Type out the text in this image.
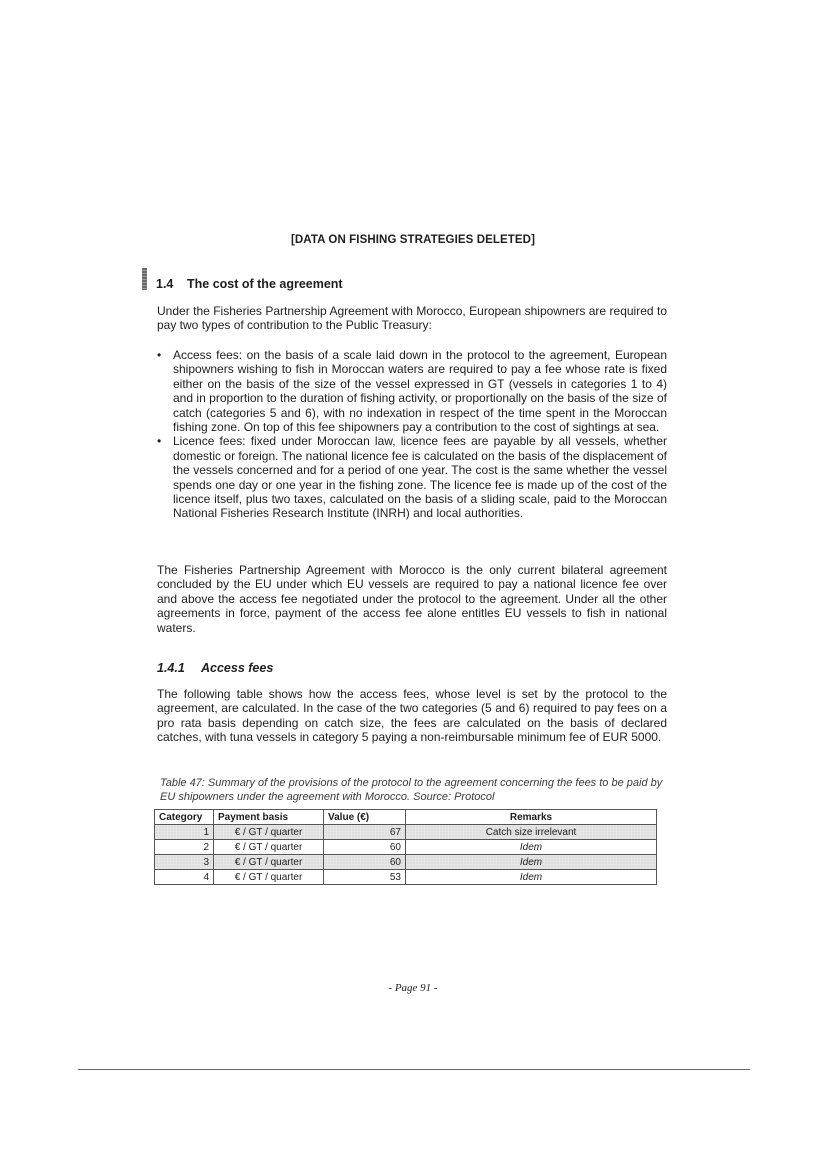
[DATA ON FISHING STRATEGIES DELETED]
1.4 The cost of the agreement

Under the Fisheries Partnership Agreement with Morocco, European shipowners are required to pay two types of contribution to the Public Treasury:

• Access fees: on the basis of a scale laid down in the protocol to the agreement, European shipowners wishing to fish in Moroccan waters are required to pay a fee whose rate is fixed either on the basis of the size of the vessel expressed in GT (vessels in categories 1 to 4) and in proportion to the duration of fishing activity, or proportionally on the basis of the size of catch (categories 5 and 6), with no indexation in respect of the time spent in the Moroccan fishing zone. On top of this fee shipowners pay a contribution to the cost of sightings at sea.
• Licence fees: fixed under Moroccan law, licence fees are payable by all vessels, whether domestic or foreign. The national licence fee is calculated on the basis of the displacement of the vessels concerned and for a period of one year. The cost is the same whether the vessel spends one day or one year in the fishing zone. The licence fee is made up of the cost of the licence itself, plus two taxes, calculated on the basis of a sliding scale, paid to the Moroccan National Fisheries Research Institute (INRH) and local authorities.

The Fisheries Partnership Agreement with Morocco is the only current bilateral agreement concluded by the EU under which EU vessels are required to pay a national licence fee over and above the access fee negotiated under the protocol to the agreement. Under all the other agreements in force, payment of the access fee alone entitles EU vessels to fish in national waters.

1.4.1 Access fees

The following table shows how the access fees, whose level is set by the protocol to the agreement, are calculated. In the case of the two categories (5 and 6) required to pay fees on a pro rata basis depending on catch size, the fees are calculated on the basis of declared catches, with tuna vessels in category 5 paying a non-reimbursable minimum fee of EUR 5000.

Table 47: Summary of the provisions of the protocol to the agreement concerning the fees to be paid by EU shipowners under the agreement with Morocco. Source: Protocol

Category	Payment basis	Value (€)	Remarks
1	€ / GT / quarter	67	Catch size irrelevant
2	€ / GT / quarter	60	Idem
3	€ / GT / quarter	60	Idem
4	€ / GT / quarter	53	Idem
- Page 91 -
